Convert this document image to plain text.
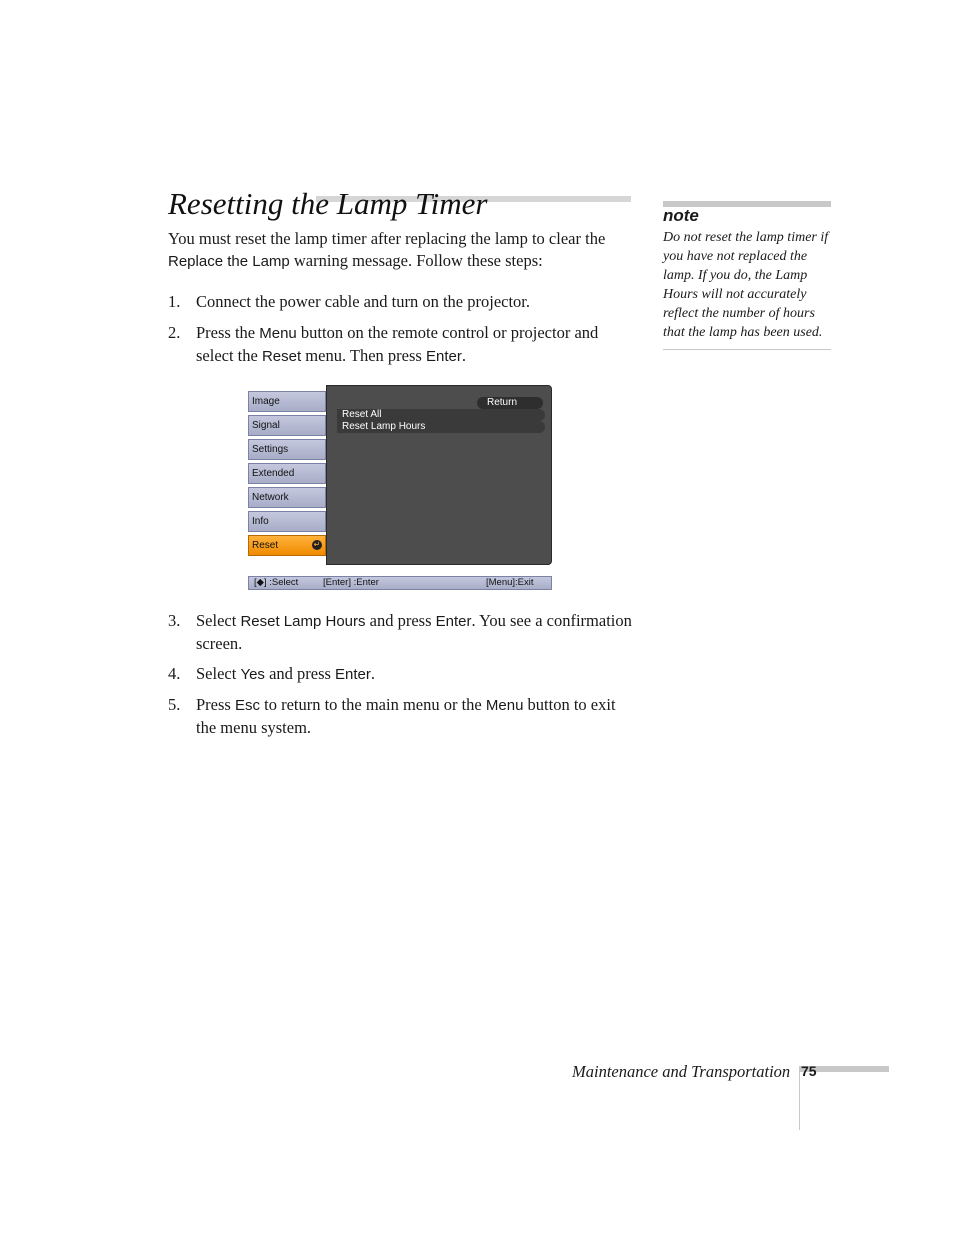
Resetting the Lamp Timer

You must reset the lamp timer after replacing the lamp to clear the Replace the Lamp warning message. Follow these steps:

1. Connect the power cable and turn on the projector.
2. Press the Menu button on the remote control or projector and select the Reset menu. Then press Enter.
3. Select Reset Lamp Hours and press Enter. You see a confirmation screen.
4. Select Yes and press Enter.
5. Press Esc to return to the main menu or the Menu button to exit the menu system.
Image
Signal
Settings
Extended
Network
Info
Reset	↵
Return
Reset All
Reset Lamp Hours
[◆] :Select	[Enter] :Enter	[Menu]:Exit
note
Do not reset the lamp timer if you have not replaced the lamp. If you do, the Lamp Hours will not accurately reflect the number of hours that the lamp has been used.
Maintenance and Transportation 75
